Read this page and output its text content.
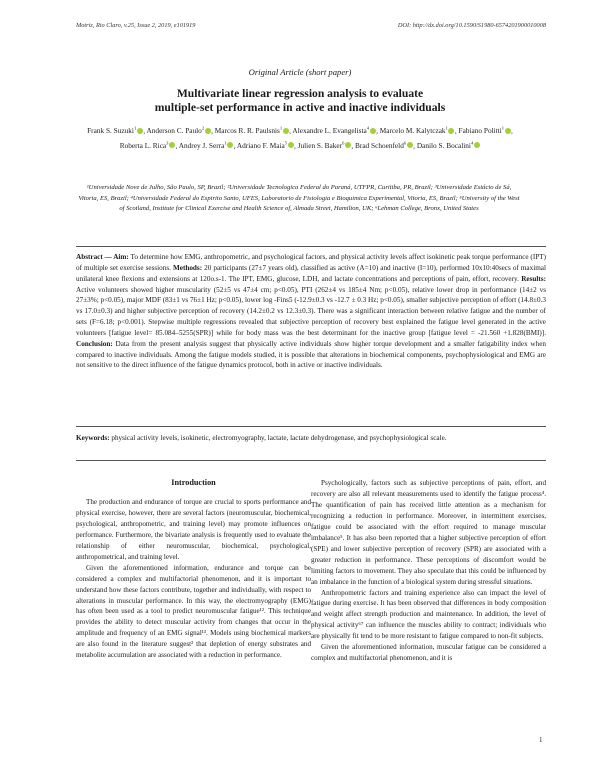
Motriz, Rio Claro, v.25, Issue 2, 2019, e101919	DOI: http://dx.doi.org/10.1590/S1980-6574201900010008
Original Article (short paper)
Multivariate linear regression analysis to evaluate
multiple-set performance in active and inactive individuals
Frank S. Suzuki$^1$ , Anderson C. Paulo$^2$ , Marcos R. R. Paulsnis$^1$ , Alexandre L. Evangelista$^4$ , Marcelo M. Kalytczak$^1$ , Fabiano Politti$^1$ , Roberta L. Rica$^3$ , Andrey J. Serra$^1$ , Adriano F. Maia$^5$ , Julien S. Baker$^6$ , Brad Schoenfeld$^6$ , Danilo S. Bocalini$^4$
¹Universidade Nove de Julho, São Paulo, SP, Brazil; ²Universidade Tecnologica Federal do Paraná, UTFPR, Curitiba, PR, Brazil; ³Universidade Estácio de Sá, Vitoria, ES, Brazil; ⁴Universidade Federal do Espirito Santo, UFES, Laboratorio de Fisiologia e Bioquimica Experimental, Vitoria, ES, Brazil; ⁵University of the West of Scotland, Institute for Clinical Exercise and Health Science of, Almada Street, Hamilton, UK; ⁶Lehman College, Bronx, United States

Abstract — Aim: To determine how EMG, anthropometric, and psychological factors, and physical activity levels affect isokinetic peak torque performance (IPT) of multiple set exercise sessions. Methods: 20 participants (27±7 years old), classified as active (A=10) and inactive (I=10), performed 10x10:40secs of maximal unilateral knee flexions and extensions at 120o.s-1. The IPT, EMG, glucose, LDH, and lactate concentrations and perceptions of pain, effort, recovery. Results: Active volunteers showed higher muscularity (52±5 vs 47±4 cm; p<0.05), PTI (262±4 vs 185±4 Nm; p<0.05), relative lower drop in performance (14±2 vs 27±3%; p<0.05), major MDF (83±1 vs 76±1 Hz; p<0.05), lower log -Fins5 (-12.9±0.3 vs -12.7 ± 0.3 Hz; p<0.05), smaller subjective perception of effort (14.8±0.3 vs 17.0±0.3) and higher subjective perception of recovery (14.2±0.2 vs 12.3±0.3). There was a significant interaction between relative fatigue and the number of sets (F=6.18; p<0.001). Stepwise multiple regressions revealed that subjective perception of recovery best explained the fatigue level generated in the active volunteers [fatigue level= 85.084–5255(SPR)] while for body mass was the best determinant for the inactive group [fatigue level = -21.560 +1.828(BMI)]. Conclusion: Data from the present analysis suggest that physically active individuals show higher torque development and a smaller fatigability index when compared to inactive individuals. Among the fatigue models studied, it is possible that alterations in biochemical components, psychophysiological and EMG are not sensitive to the direct influence of the fatigue dynamics protocol, both in active or inactive individuals.

Keywords: physical activity levels, isokinetic, electromyography, lactate, lactate dehydrogenase, and psychophysiological scale.

Introduction

The production and endurance of torque are crucial to sports performance and physical exercise, however, there are several factors (neuromuscular, biochemical, psychological, anthropometric, and training level) may promote influences on performance. Furthermore, the bivariate analysis is frequently used to evaluate the relationship of either neuromuscular, biochemical, psychological, anthropometrical, and training level.

Given the aforementioned information, endurance and torque can be considered a complex and multifactorial phenomenon, and it is important to understand how these factors contribute, together and individually, with respect to alterations in muscular performance. In this way, the electromyography (EMG) has often been used as a tool to predict neuromuscular fatigue¹². This technique provides the ability to detect muscular activity from changes that occur in the amplitude and frequency of an EMG signal¹³. Models using biochemical markers are also found in the literature suggest² that depletion of energy substrates and metabolite accumulation are associated with a reduction in performance.

Psychologically, factors such as subjective perceptions of pain, effort, and recovery are also all relevant measurements used to identify the fatigue process⁴. The quantification of pain has received little attention as a mechanism for recognizing a reduction in performance. Moreover, in intermittent exercises, fatigue could be associated with the effort required to manage muscular imbalance⁵. It has also been reported that a higher subjective perception of effort (SPE) and lower subjective perception of recovery (SPR) are associated with a greater reduction in performance. These perceptions of discomfort would be limiting factors to movement. They also speculate that this could be influenced by an imbalance in the function of a biological system during stressful situations.

Anthropometric factors and training experience also can impact the level of fatigue during exercise. It has been observed that differences in body composition and weight affect strength production and maintenance. In addition, the level of physical activity⁶⁷ can influence the muscles ability to contract; individuals who are physically fit tend to be more resistant to fatigue compared to non-fit subjects.

Given the aforementioned information, muscular fatigue can be considered a complex and multifactorial phenomenon, and it is

1
